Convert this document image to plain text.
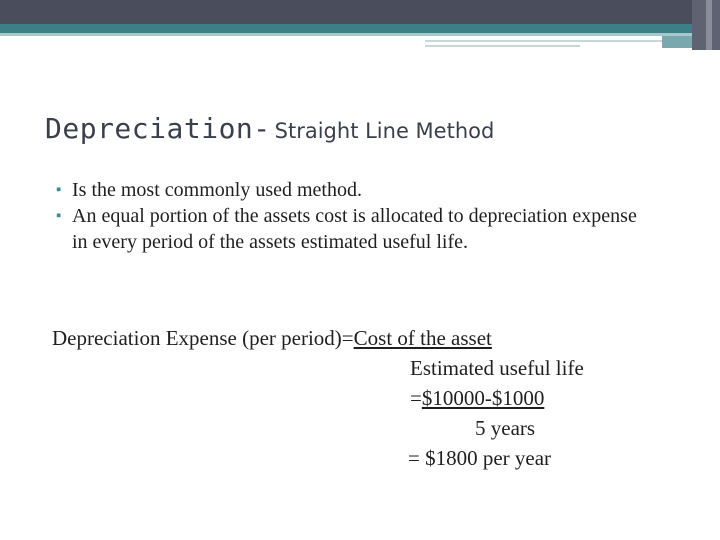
Depreciation- Straight Line Method
▪ Is the most commonly used method.
▪ An equal portion of the assets cost is allocated to depreciation expense in every period of the assets estimated useful life.
Depreciation Expense (per period)=Cost of the asset
Estimated useful life
=$10000-$1000
5 years
= $1800 per year
